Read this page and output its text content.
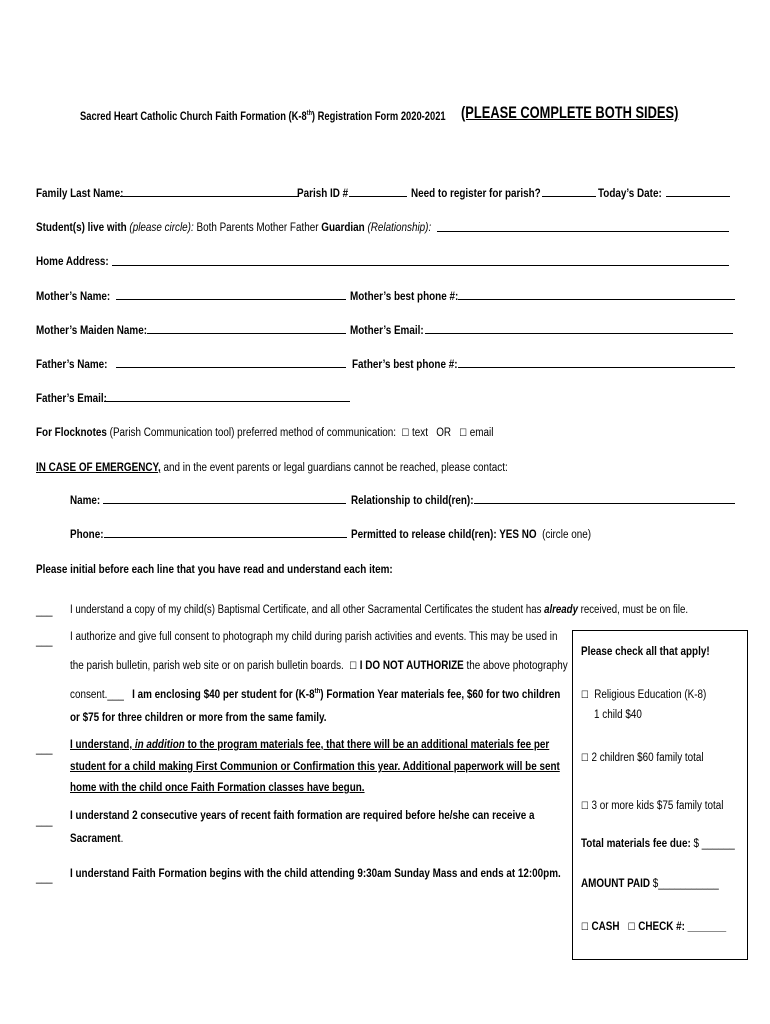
Sacred Heart Catholic Church Faith Formation (K-8th) Registration Form 2020-2021 (PLEASE COMPLETE BOTH SIDES)
Family Last Name:	Parish ID #	Need to register for parish?	Today’s Date:
Student(s) live with (please circle): Both Parents Mother Father Guardian (Relationship):
Home Address:
Mother’s Name:	Mother’s best phone #:
Mother’s Maiden Name:	Mother’s Email:
Father’s Name:	Father’s best phone #:
Father’s Email:
For Flocknotes (Parish Communication tool) preferred method of communication: ☐ text OR ☐ email
IN CASE OF EMERGENCY, and in the event parents or legal guardians cannot be reached, please contact:
Name:	Relationship to child(ren):
Phone:	Permitted to release child(ren): YES NO (circle one)
Please initial before each line that you have read and understand each item:
___ I understand a copy of my child(s) Baptismal Certificate, and all other Sacramental Certificates the student has already received, must be on file.
___ I authorize and give full consent to photograph my child during parish activities and events. This may be used in
the parish bulletin, parish web site or on parish bulletin boards. ☐ I DO NOT AUTHORIZE the above photography
consent.___ I am enclosing $40 per student for (K-8th) Formation Year materials fee, $60 for two children
or $75 for three children or more from the same family.
___ I understand, in addition to the program materials fee, that there will be an additional materials fee per
student for a child making First Communion or Confirmation this year. Additional paperwork will be sent
home with the child once Faith Formation classes have begun.
___ I understand 2 consecutive years of recent faith formation are required before he/she can receive a
Sacrament.
___ I understand Faith Formation begins with the child attending 9:30am Sunday Mass and ends at 12:00pm.
Please check all that apply!
☐ Religious Education (K-8)
1 child $40
☐ 2 children $60 family total
☐ 3 or more kids $75 family total
Total materials fee due: $ ______
AMOUNT PAID $___________
☐ CASH ☐ CHECK #: _______
